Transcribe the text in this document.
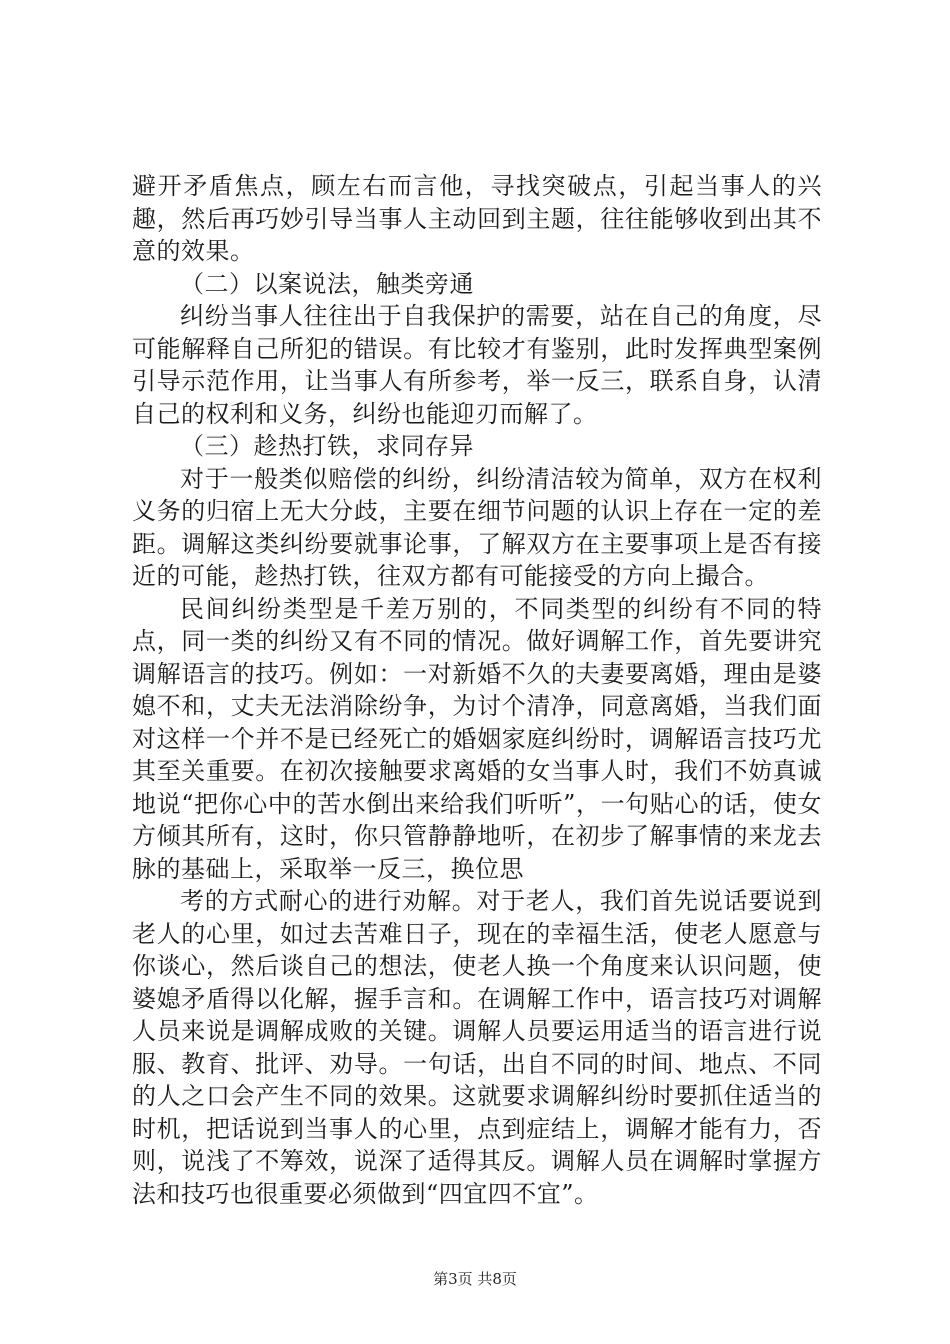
避开矛盾焦点，顾左右而言他，寻找突破点，引起当事人的兴趣，然后再巧妙引导当事人主动回到主题，往往能够收到出其不意的效果。

（二）以案说法，触类旁通

纠纷当事人往往出于自我保护的需要，站在自己的角度，尽可能解释自己所犯的错误。有比较才有鉴别，此时发挥典型案例引导示范作用，让当事人有所参考，举一反三，联系自身，认清自己的权利和义务，纠纷也能迎刃而解了。

（三）趁热打铁，求同存异

对于一般类似赔偿的纠纷，纠纷清洁较为简单，双方在权利义务的归宿上无大分歧，主要在细节问题的认识上存在一定的差距。调解这类纠纷要就事论事，了解双方在主要事项上是否有接近的可能，趁热打铁，往双方都有可能接受的方向上撮合。

民间纠纷类型是千差万别的，不同类型的纠纷有不同的特点，同一类的纠纷又有不同的情况。做好调解工作，首先要讲究调解语言的技巧。例如：一对新婚不久的夫妻要离婚，理由是婆媳不和，丈夫无法消除纷争，为讨个清净，同意离婚，当我们面对这样一个并不是已经死亡的婚姻家庭纠纷时，调解语言技巧尤其至关重要。在初次接触要求离婚的女当事人时，我们不妨真诚地说“把你心中的苦水倒出来给我们听听”，一句贴心的话，使女方倾其所有，这时，你只管静静地听，在初步了解事情的来龙去脉的基础上，采取举一反三，换位思

考的方式耐心的进行劝解。对于老人，我们首先说话要说到老人的心里，如过去苦难日子，现在的幸福生活，使老人愿意与你谈心，然后谈自己的想法，使老人换一个角度来认识问题，使婆媳矛盾得以化解，握手言和。在调解工作中，语言技巧对调解人员来说是调解成败的关键。调解人员要运用适当的语言进行说服、教育、批评、劝导。一句话，出自不同的时间、地点、不同的人之口会产生不同的效果。这就要求调解纠纷时要抓住适当的时机，把话说到当事人的心里，点到症结上，调解才能有力，否则，说浅了不筹效，说深了适得其反。调解人员在调解时掌握方法和技巧也很重要必须做到“四宜四不宜”。

第3页 共8页
